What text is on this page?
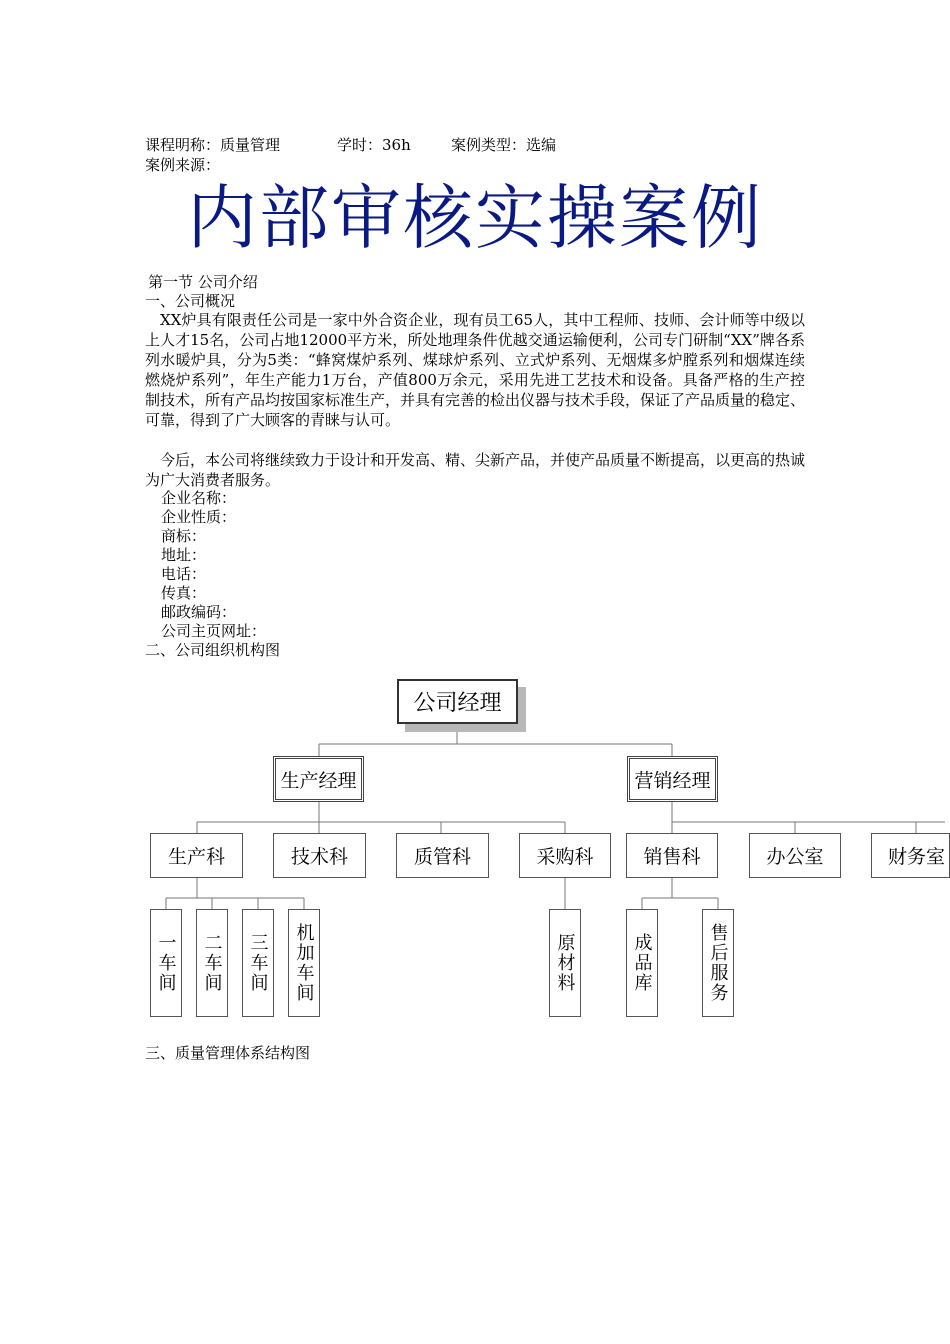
课程明称：质量管理	学时：36h	案例类型：选编
案例来源：
内部审核实操案例
第一节 公司介绍
一、公司概况
XX炉具有限责任公司是一家中外合资企业，现有员工65人，其中工程师、技师、会计师等中级以上人才15名，公司占地12000平方米，所处地理条件优越交通运输便利，公司专门研制“XX”牌各系列水暖炉具，分为5类：“蜂窝煤炉系列、煤球炉系列、立式炉系列、无烟煤多炉膛系列和烟煤连续燃烧炉系列”，年生产能力1万台，产值800万余元，采用先进工艺技术和设备。具备严格的生产控制技术，所有产品均按国家标准生产，并具有完善的检出仪器与技术手段，保证了产品质量的稳定、可靠，得到了广大顾客的青睐与认可。
今后，本公司将继续致力于设计和开发高、精、尖新产品，并使产品质量不断提高，以更高的热诚为广大消费者服务。
企业名称：
企业性质：
商标：
地址：
电话：
传真：
邮政编码：
公司主页网址：
二、公司组织机构图
公司经理
生产经理	营销经理
生产科	技术科	质管科	采购科	销售科	办公室	财务室
一车间	二车间	三车间	机加车间	原材料	成品库	售后服务
三、质量管理体系结构图
